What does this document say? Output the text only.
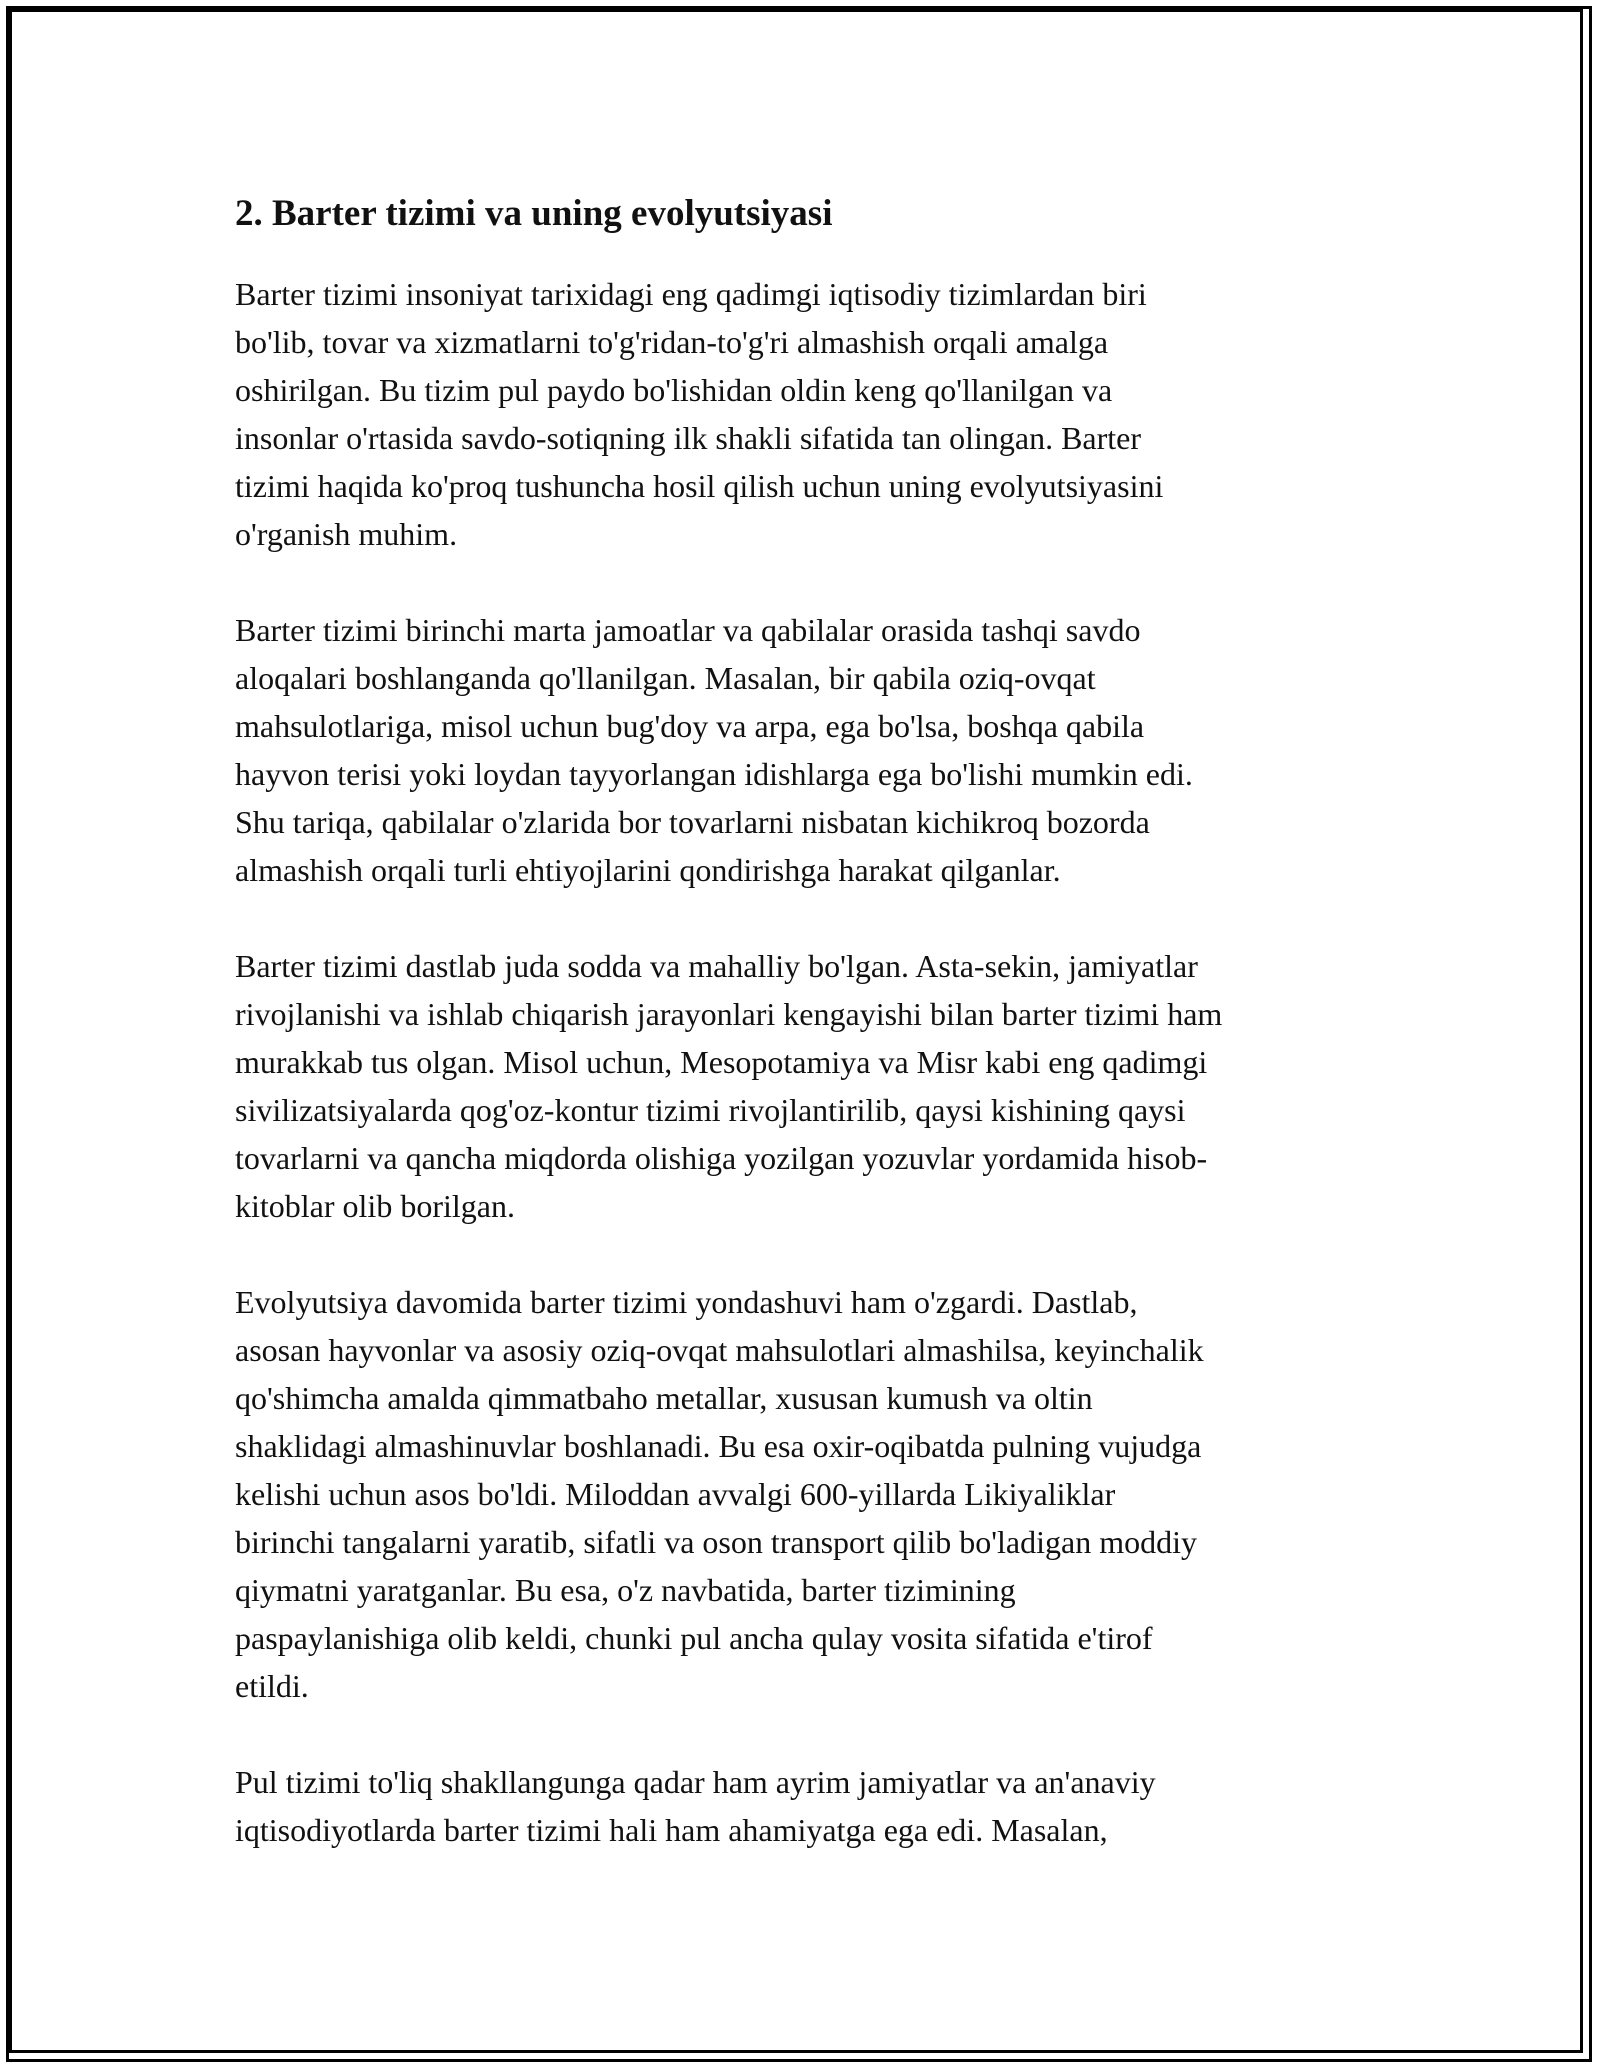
2. Barter tizimi va uning evolyutsiyasi

Barter tizimi insoniyat tarixidagi eng qadimgi iqtisodiy tizimlardan biri
bo'lib, tovar va xizmatlarni to'g'ridan-to'g'ri almashish orqali amalga
oshirilgan. Bu tizim pul paydo bo'lishidan oldin keng qo'llanilgan va
insonlar o'rtasida savdo-sotiqning ilk shakli sifatida tan olingan. Barter
tizimi haqida ko'proq tushuncha hosil qilish uchun uning evolyutsiyasini
o'rganish muhim.

Barter tizimi birinchi marta jamoatlar va qabilalar orasida tashqi savdo
aloqalari boshlanganda qo'llanilgan. Masalan, bir qabila oziq-ovqat
mahsulotlariga, misol uchun bug'doy va arpa, ega bo'lsa, boshqa qabila
hayvon terisi yoki loydan tayyorlangan idishlarga ega bo'lishi mumkin edi.
Shu tariqa, qabilalar o'zlarida bor tovarlarni nisbatan kichikroq bozorda
almashish orqali turli ehtiyojlarini qondirishga harakat qilganlar.

Barter tizimi dastlab juda sodda va mahalliy bo'lgan. Asta-sekin, jamiyatlar
rivojlanishi va ishlab chiqarish jarayonlari kengayishi bilan barter tizimi ham
murakkab tus olgan. Misol uchun, Mesopotamiya va Misr kabi eng qadimgi
sivilizatsiyalarda qog'oz-kontur tizimi rivojlantirilib, qaysi kishining qaysi
tovarlarni va qancha miqdorda olishiga yozilgan yozuvlar yordamida hisob-
kitoblar olib borilgan.

Evolyutsiya davomida barter tizimi yondashuvi ham o'zgardi. Dastlab,
asosan hayvonlar va asosiy oziq-ovqat mahsulotlari almashilsa, keyinchalik
qo'shimcha amalda qimmatbaho metallar, xususan kumush va oltin
shaklidagi almashinuvlar boshlanadi. Bu esa oxir-oqibatda pulning vujudga
kelishi uchun asos bo'ldi. Miloddan avvalgi 600-yillarda Likiyaliklar
birinchi tangalarni yaratib, sifatli va oson transport qilib bo'ladigan moddiy
qiymatni yaratganlar. Bu esa, o'z navbatida, barter tizimining
paspaylanishiga olib keldi, chunki pul ancha qulay vosita sifatida e'tirof
etildi.

Pul tizimi to'liq shakllangunga qadar ham ayrim jamiyatlar va an'anaviy
iqtisodiyotlarda barter tizimi hali ham ahamiyatga ega edi. Masalan,
